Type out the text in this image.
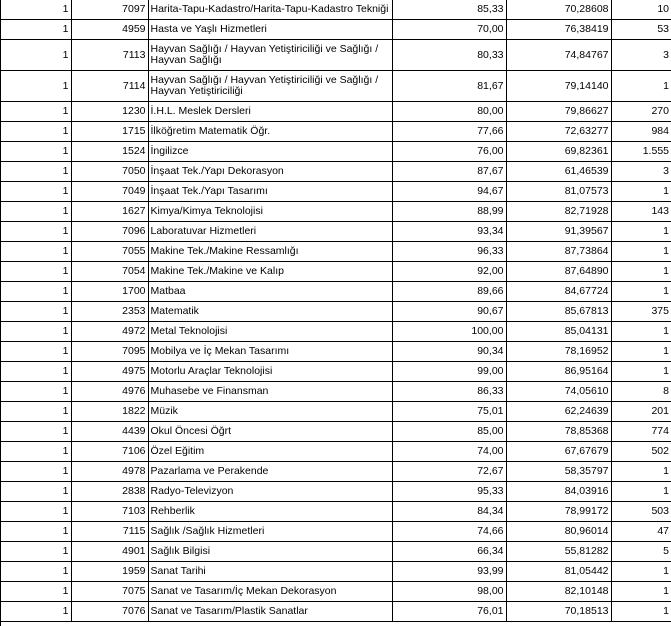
1	7097	Harita-Tapu-Kadastro/Harita-Tapu-Kadastro Tekniği	85,33	70,28608	10
1	4959	Hasta ve Yaşlı Hizmetleri	70,00	76,38419	53
1	7113	Hayvan Sağlığı / Hayvan Yetiştiriciliği ve Sağlığı / Hayvan Sağlığı	80,33	74,84767	3
1	7114	Hayvan Sağlığı / Hayvan Yetiştiriciliği ve Sağlığı / Hayvan Yetiştiriciliği	81,67	79,14140	1
1	1230	İ.H.L. Meslek Dersleri	80,00	79,86627	270
1	1715	İlköğretim Matematik Öğr.	77,66	72,63277	984
1	1524	İngilizce	76,00	69,82361	1.555
1	7050	İnşaat Tek./Yapı Dekorasyon	87,67	61,46539	3
1	7049	İnşaat Tek./Yapı Tasarımı	94,67	81,07573	1
1	1627	Kimya/Kimya Teknolojisi	88,99	82,71928	143
1	7096	Laboratuvar Hizmetleri	93,34	91,39567	1
1	7055	Makine Tek./Makine Ressamlığı	96,33	87,73864	1
1	7054	Makine Tek./Makine ve Kalıp	92,00	87,64890	1
1	1700	Matbaa	89,66	84,67724	1
1	2353	Matematik	90,67	85,67813	375
1	4972	Metal Teknolojisi	100,00	85,04131	1
1	7095	Mobilya ve İç Mekan Tasarımı	90,34	78,16952	1
1	4975	Motorlu Araçlar Teknolojisi	99,00	86,95164	1
1	4976	Muhasebe ve Finansman	86,33	74,05610	8
1	1822	Müzik	75,01	62,24639	201
1	4439	Okul Öncesi Öğrt	85,00	78,85368	774
1	7106	Özel Eğitim	74,00	67,67679	502
1	4978	Pazarlama ve Perakende	72,67	58,35797	1
1	2838	Radyo-Televizyon	95,33	84,03916	1
1	7103	Rehberlik	84,34	78,99172	503
1	7115	Sağlık /Sağlık Hizmetleri	74,66	80,96014	47
1	4901	Sağlık Bilgisi	66,34	55,81282	5
1	1959	Sanat Tarihi	93,99	81,05442	1
1	7075	Sanat ve Tasarım/İç Mekan Dekorasyon	98,00	82,10148	1
1	7076	Sanat ve Tasarım/Plastik Sanatlar	76,01	70,18513	1
